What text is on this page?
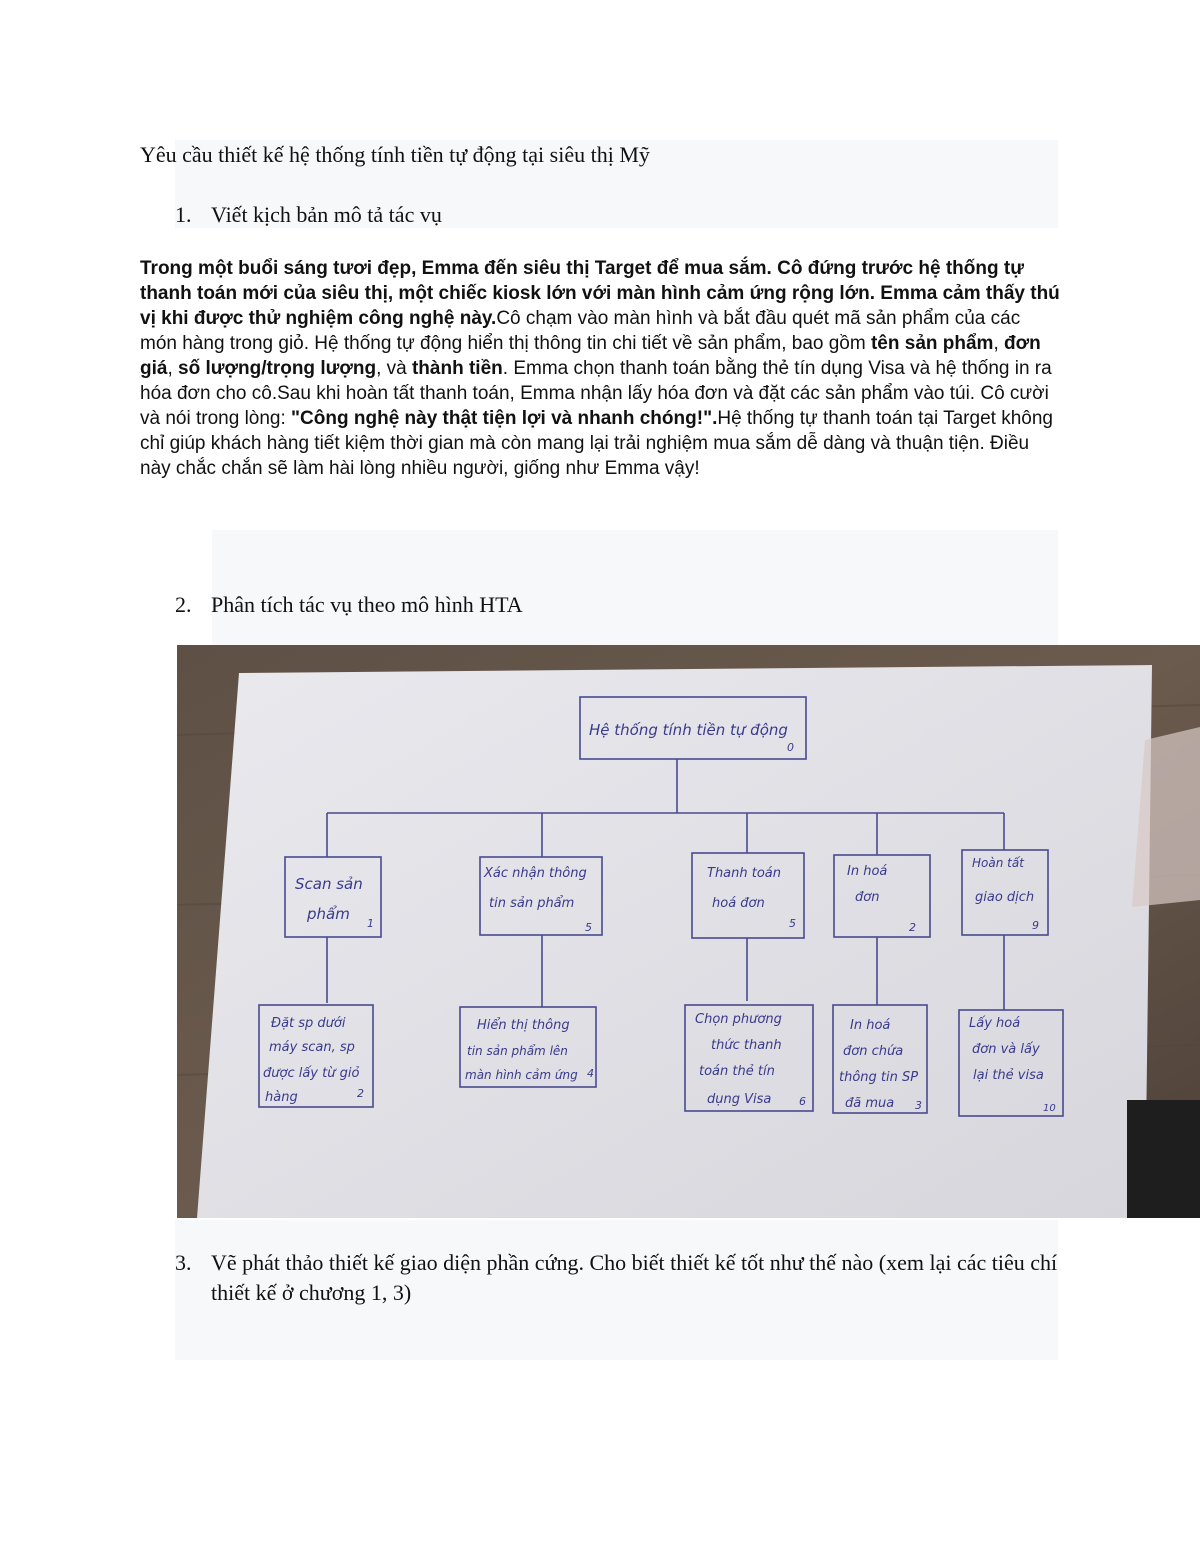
Yêu cầu thiết kế hệ thống tính tiền tự động tại siêu thị Mỹ
1. Viết kịch bản mô tả tác vụ
Trong một buổi sáng tươi đẹp, Emma đến siêu thị Target để mua sắm. Cô đứng trước hệ thống tự thanh toán mới của siêu thị, một chiếc kiosk lớn với màn hình cảm ứng rộng lớn. Emma cảm thấy thú vị khi được thử nghiệm công nghệ này.Cô chạm vào màn hình và bắt đầu quét mã sản phẩm của các món hàng trong giỏ. Hệ thống tự động hiển thị thông tin chi tiết về sản phẩm, bao gồm tên sản phẩm, đơn giá, số lượng/trọng lượng, và thành tiền. Emma chọn thanh toán bằng thẻ tín dụng Visa và hệ thống in ra hóa đơn cho cô.Sau khi hoàn tất thanh toán, Emma nhận lấy hóa đơn và đặt các sản phẩm vào túi. Cô cười và nói trong lòng: "Công nghệ này thật tiện lợi và nhanh chóng!".Hệ thống tự thanh toán tại Target không chỉ giúp khách hàng tiết kiệm thời gian mà còn mang lại trải nghiệm mua sắm dễ dàng và thuận tiện. Điều này chắc chắn sẽ làm hài lòng nhiều người, giống như Emma vậy!
2. Phân tích tác vụ theo mô hình HTA
Hệ thống tính tiền tự động
0
Scan sản
phẩm
1
Xác nhận thông
tin sản phẩm
5
Thanh toán
hoá đơn
5
In hoá
đơn
2
Hoàn tất
giao dịch
9
Đặt sp dưới
máy scan, sp
được lấy từ giỏ
hàng	2
Hiển thị thông
tin sản phẩm lên
màn hình cảm ứng 4
Chọn phương
thức thanh
toán thẻ tín
dụng Visa	6
In hoá
đơn chứa
thông tin SP
đã mua 3
Lấy hoá
đơn và lấy
lại thẻ visa
10
3. Vẽ phát thảo thiết kế giao diện phần cứng. Cho biết thiết kế tốt như thế nào (xem lại các tiêu chí thiết kế ở chương 1, 3)
